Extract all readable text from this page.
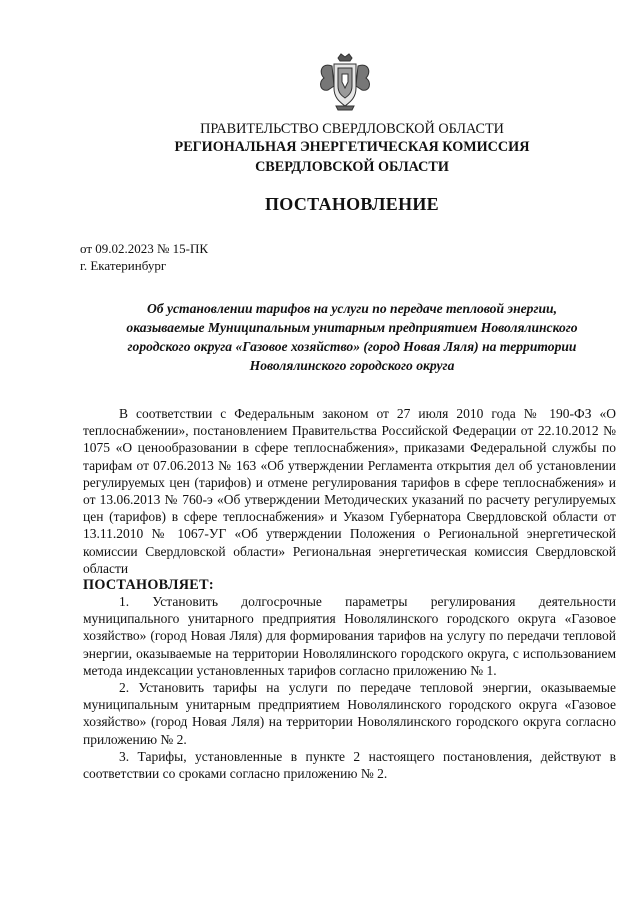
ПРАВИТЕЛЬСТВО СВЕРДЛОВСКОЙ ОБЛАСТИ
РЕГИОНАЛЬНАЯ ЭНЕРГЕТИЧЕСКАЯ КОМИССИЯ
СВЕРДЛОВСКОЙ ОБЛАСТИ
ПОСТАНОВЛЕНИЕ
от 09.02.2023 № 15-ПК
г. Екатеринбург
Об установлении тарифов на услуги по передаче тепловой энергии,
оказываемые Муниципальным унитарным предприятием Новолялинского
городского округа «Газовое хозяйство» (город Новая Ляля) на территории
Новолялинского городского округа

В соответствии с Федеральным законом от 27 июля 2010 года № 190-ФЗ «О теплоснабжении», постановлением Правительства Российской Федерации от 22.10.2012 № 1075 «О ценообразовании в сфере теплоснабжения», приказами Федеральной службы по тарифам от 07.06.2013 № 163 «Об утверждении Регламента открытия дел об установлении регулируемых цен (тарифов) и отмене регулирования тарифов в сфере теплоснабжения» и от 13.06.2013 № 760-э «Об утверждении Методических указаний по расчету регулируемых цен (тарифов) в сфере теплоснабжения» и Указом Губернатора Свердловской области от 13.11.2010 № 1067-УГ «Об утверждении Положения о Региональной энергетической комиссии Свердловской области» Региональная энергетическая комиссия Свердловской области

ПОСТАНОВЛЯЕТ:

1. Установить долгосрочные параметры регулирования деятельности муниципального унитарного предприятия Новолялинского городского округа «Газовое хозяйство» (город Новая Ляля) для формирования тарифов на услугу по передачи тепловой энергии, оказываемые на территории Новолялинского городского округа, с использованием метода индексации установленных тарифов согласно приложению № 1.

2. Установить тарифы на услуги по передаче тепловой энергии, оказываемые муниципальным унитарным предприятием Новолялинского городского округа «Газовое хозяйство» (город Новая Ляля) на территории Новолялинского городского округа согласно приложению № 2.

3. Тарифы, установленные в пункте 2 настоящего постановления, действуют в соответствии со сроками согласно приложению № 2.
